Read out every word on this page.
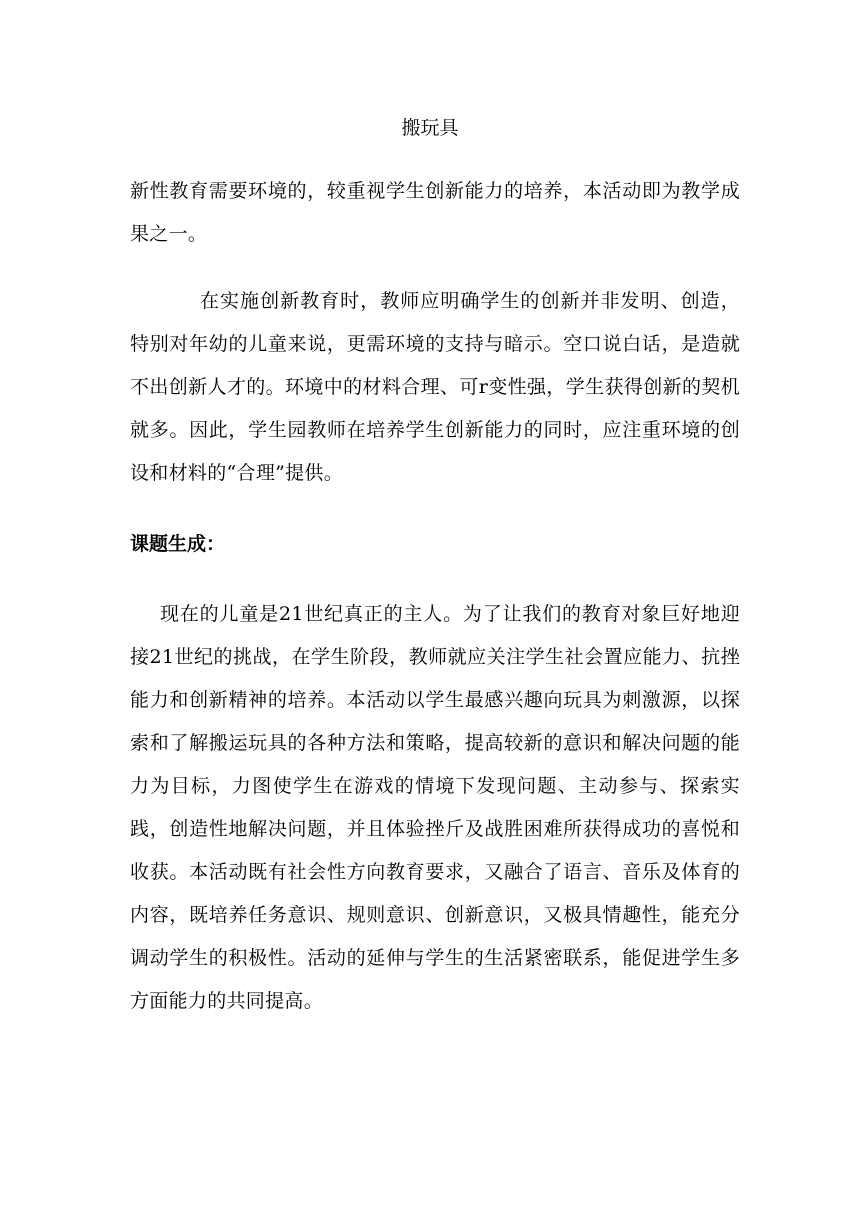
搬玩具

新性教育需要环境的，较重视学生创新能力的培养，本活动即为教学成果之一。

在实施创新教育时，教师应明确学生的创新并非发明、创造，特别对年幼的儿童来说，更需环境的支持与暗示。空口说白话，是造就不出创新人才的。环境中的材料合理、可r变性强，学生获得创新的契机就多。因此，学生园教师在培养学生创新能力的同时，应注重环境的创设和材料的“合理”提供。

课题生成：

现在的儿童是21世纪真正的主人。为了让我们的教育对象巨好地迎接21世纪的挑战，在学生阶段，教师就应关注学生社会置应能力、抗挫能力和创新精神的培养。本活动以学生最感兴趣向玩具为刺激源，以探索和了解搬运玩具的各种方法和策略，提高较新的意识和解决问题的能力为目标，力图使学生在游戏的情境下发现问题、主动参与、探索实践，创造性地解决问题，并且体验挫斤及战胜困难所获得成功的喜悦和收获。本活动既有社会性方向教育要求，又融合了语言、音乐及体育的内容，既培养任务意识、规则意识、创新意识，又极具情趣性，能充分调动学生的积极性。活动的延伸与学生的生活紧密联系，能促进学生多方面能力的共同提高。
